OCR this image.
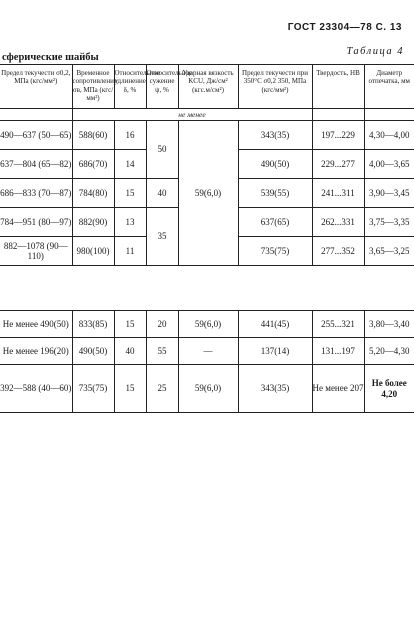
ГОСТ 23304—78 С. 13
Таблица 4
сферические шайбы
Предел текучести σ0,2, МПа (кгс/мм²)	Временное сопротивление σв, МПа (кгс/мм²)	Относительное удлинение δ, %	Относительное сужение ψ, %	Ударная вязкость KCU, Дж/см² (кгс.м/см²)	Предел текучести при 350°C σ0,2 350, МПа (кгс/мм²)	Твердость, НВ	Диаметр отпечатка, мм
	не менее						
490—637 (50—65)	588(60)	16	50	59(6,0)	343(35)	197...229	4,30—4,00
637—804 (65—82)	686(70)	14			490(50)	229...277	4,00—3,65
686—833 (70—87)	784(80)	15	40		539(55)	241...311	3,90—3,45
784—951 (80—97)	882(90)	13	35		637(65)	262...331	3,75—3,35
882—1078 (90—110)	980(100)	11			735(75)	277...352	3,65—3,25
Не менее 490(50)	833(85)	15	20	59(6,0)	441(45)	255...321	3,80—3,40
Не менее 196(20)	490(50)	40	55	—	137(14)	131...197	5,20—4,30
392—588 (40—60)	735(75)	15	25	59(6,0)	343(35)	Не менее 207	Не более 4,20
